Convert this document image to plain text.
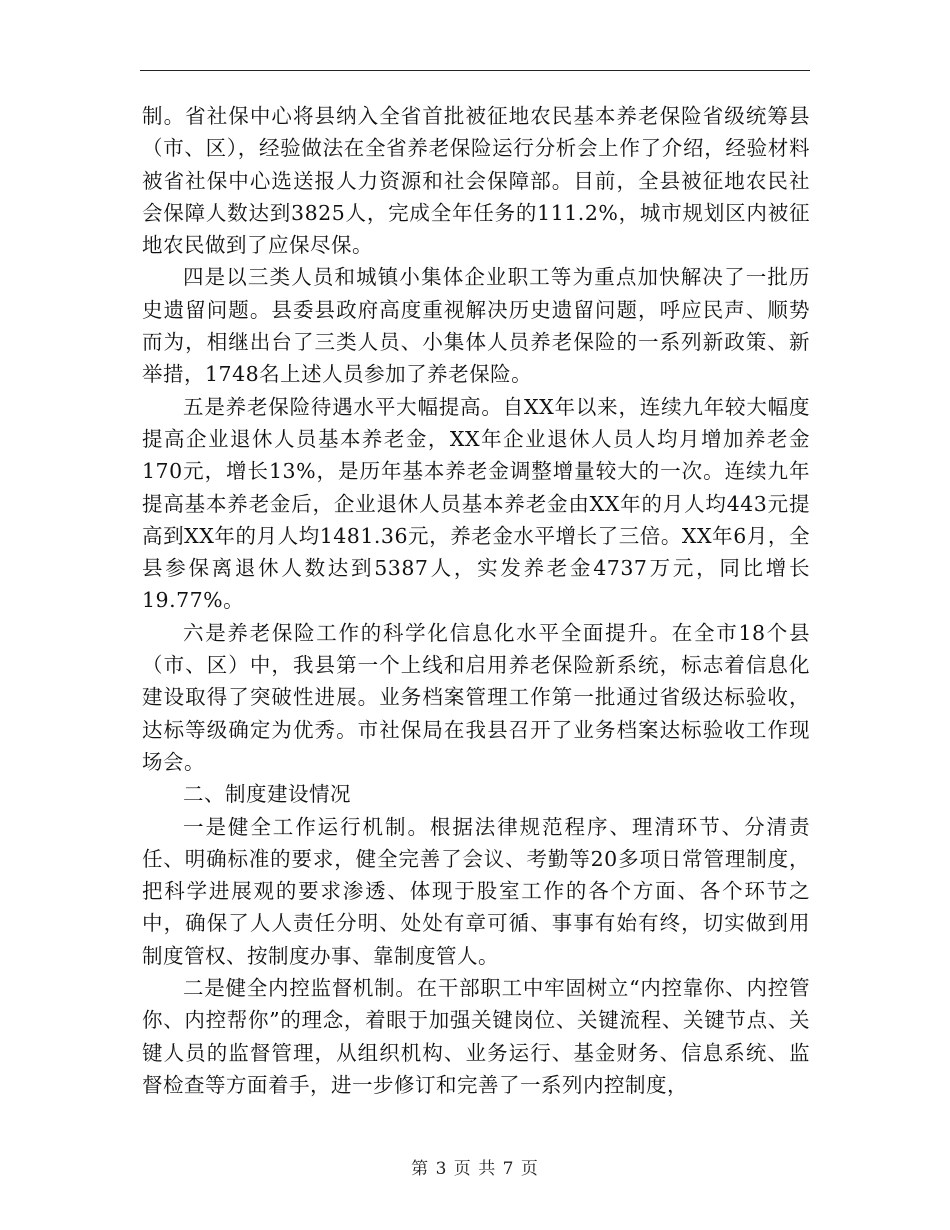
制。省社保中心将县纳入全省首批被征地农民基本养老保险省级统筹县（市、区），经验做法在全省养老保险运行分析会上作了介绍，经验材料被省社保中心选送报人力资源和社会保障部。目前，全县被征地农民社会保障人数达到3825人，完成全年任务的111.2%，城市规划区内被征地农民做到了应保尽保。

四是以三类人员和城镇小集体企业职工等为重点加快解决了一批历史遗留问题。县委县政府高度重视解决历史遗留问题，呼应民声、顺势而为，相继出台了三类人员、小集体人员养老保险的一系列新政策、新举措，1748名上述人员参加了养老保险。

五是养老保险待遇水平大幅提高。自XX年以来，连续九年较大幅度提高企业退休人员基本养老金，XX年企业退休人员人均月增加养老金170元，增长13%，是历年基本养老金调整增量较大的一次。连续九年提高基本养老金后，企业退休人员基本养老金由XX年的月人均443元提高到XX年的月人均1481.36元，养老金水平增长了三倍。XX年6月，全县参保离退休人数达到5387人，实发养老金4737万元，同比增长19.77%。

六是养老保险工作的科学化信息化水平全面提升。在全市18个县（市、区）中，我县第一个上线和启用养老保险新系统，标志着信息化建设取得了突破性进展。业务档案管理工作第一批通过省级达标验收，达标等级确定为优秀。市社保局在我县召开了业务档案达标验收工作现场会。

二、制度建设情况

一是健全工作运行机制。根据法律规范程序、理清环节、分清责任、明确标准的要求，健全完善了会议、考勤等20多项日常管理制度，把科学进展观的要求渗透、体现于股室工作的各个方面、各个环节之中，确保了人人责任分明、处处有章可循、事事有始有终，切实做到用制度管权、按制度办事、靠制度管人。

二是健全内控监督机制。在干部职工中牢固树立“内控靠你、内控管你、内控帮你”的理念，着眼于加强关键岗位、关键流程、关键节点、关键人员的监督管理，从组织机构、业务运行、基金财务、信息系统、监督检查等方面着手，进一步修订和完善了一系列内控制度，

第 3 页 共 7 页
